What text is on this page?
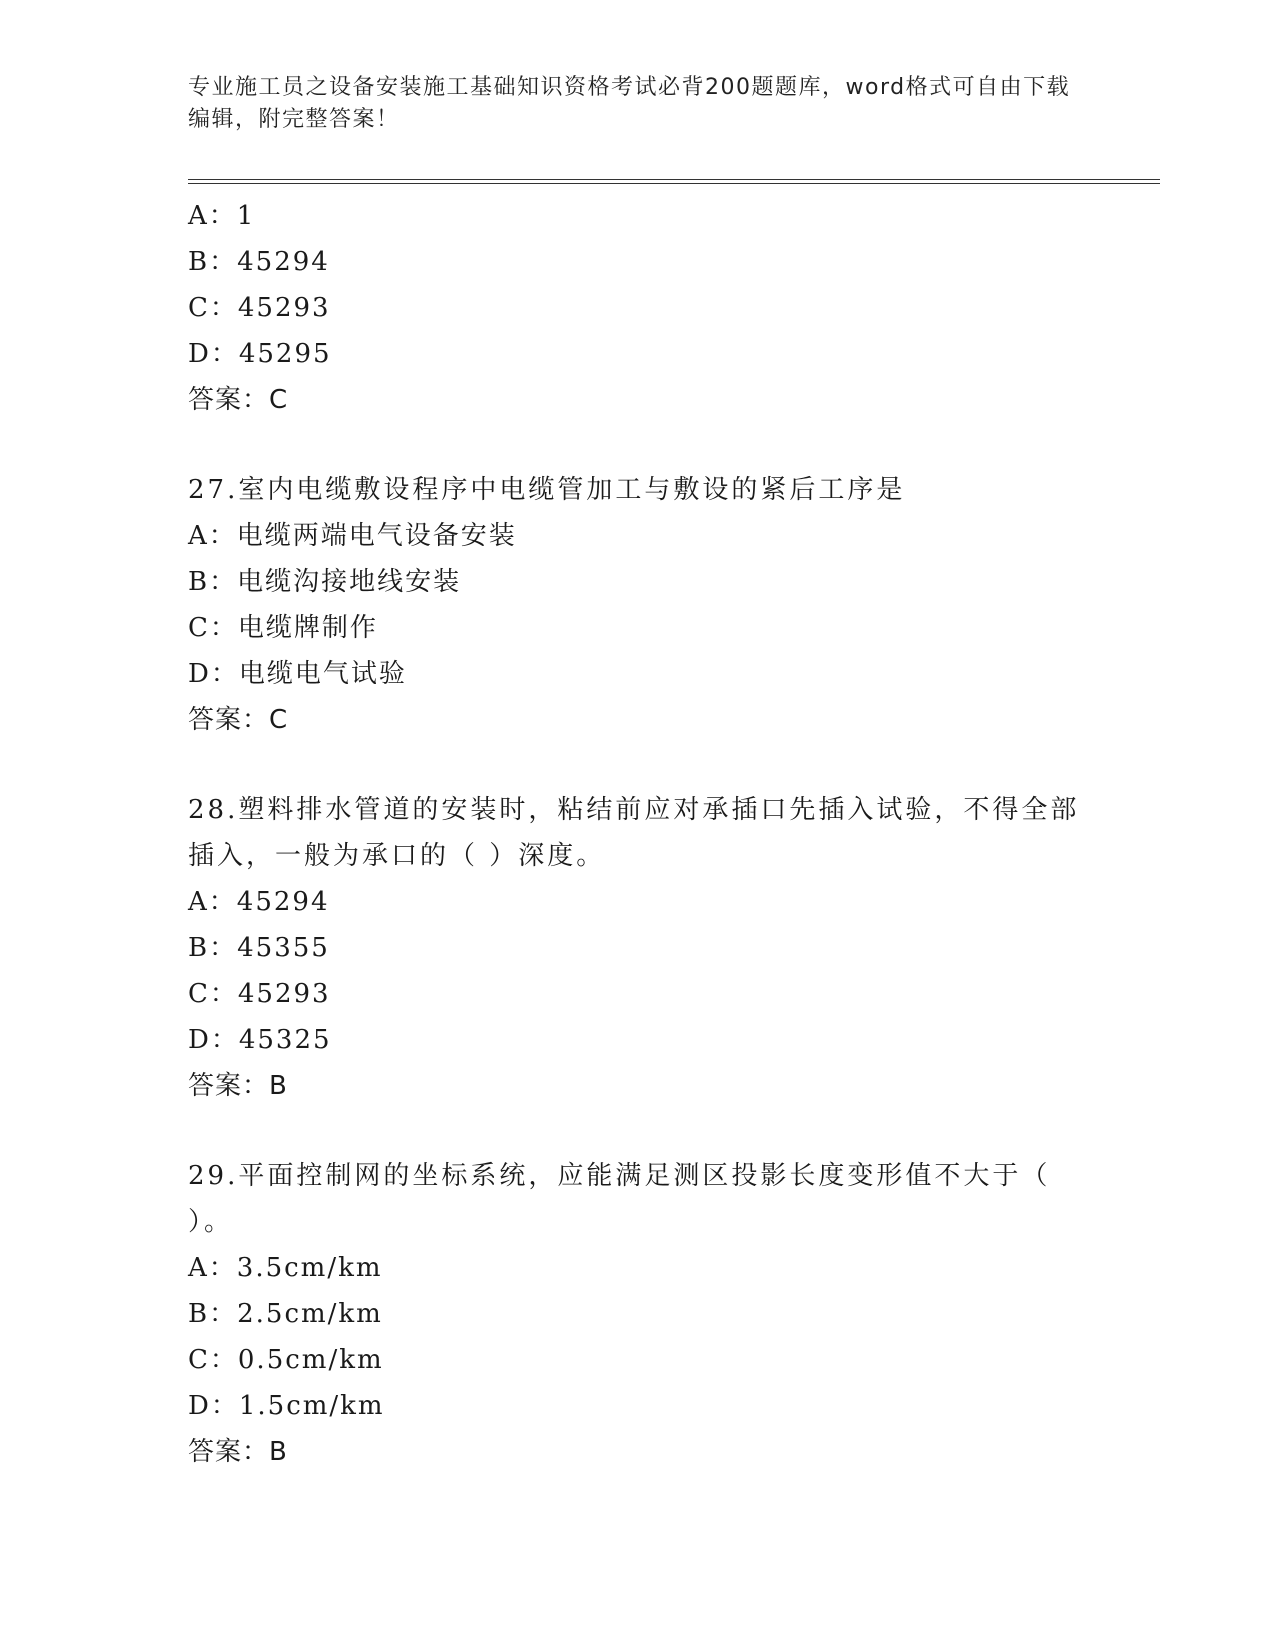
专业施工员之设备安装施工基础知识资格考试必背200题题库，word格式可自由下载编辑，附完整答案！
A：1
B：45294
C：45293
D：45295
答案：C
27.室内电缆敷设程序中电缆管加工与敷设的紧后工序是
A：电缆两端电气设备安装
B：电缆沟接地线安装
C：电缆牌制作
D：电缆电气试验
答案：C
28.塑料排水管道的安装时，粘结前应对承插口先插入试验，不得全部插入，一般为承口的（ ）深度。
A：45294
B：45355
C：45293
D：45325
答案：B
29.平面控制网的坐标系统，应能满足测区投影长度变形值不大于（ ）。
A：3.5cm/km
B：2.5cm/km
C：0.5cm/km
D：1.5cm/km
答案：B
